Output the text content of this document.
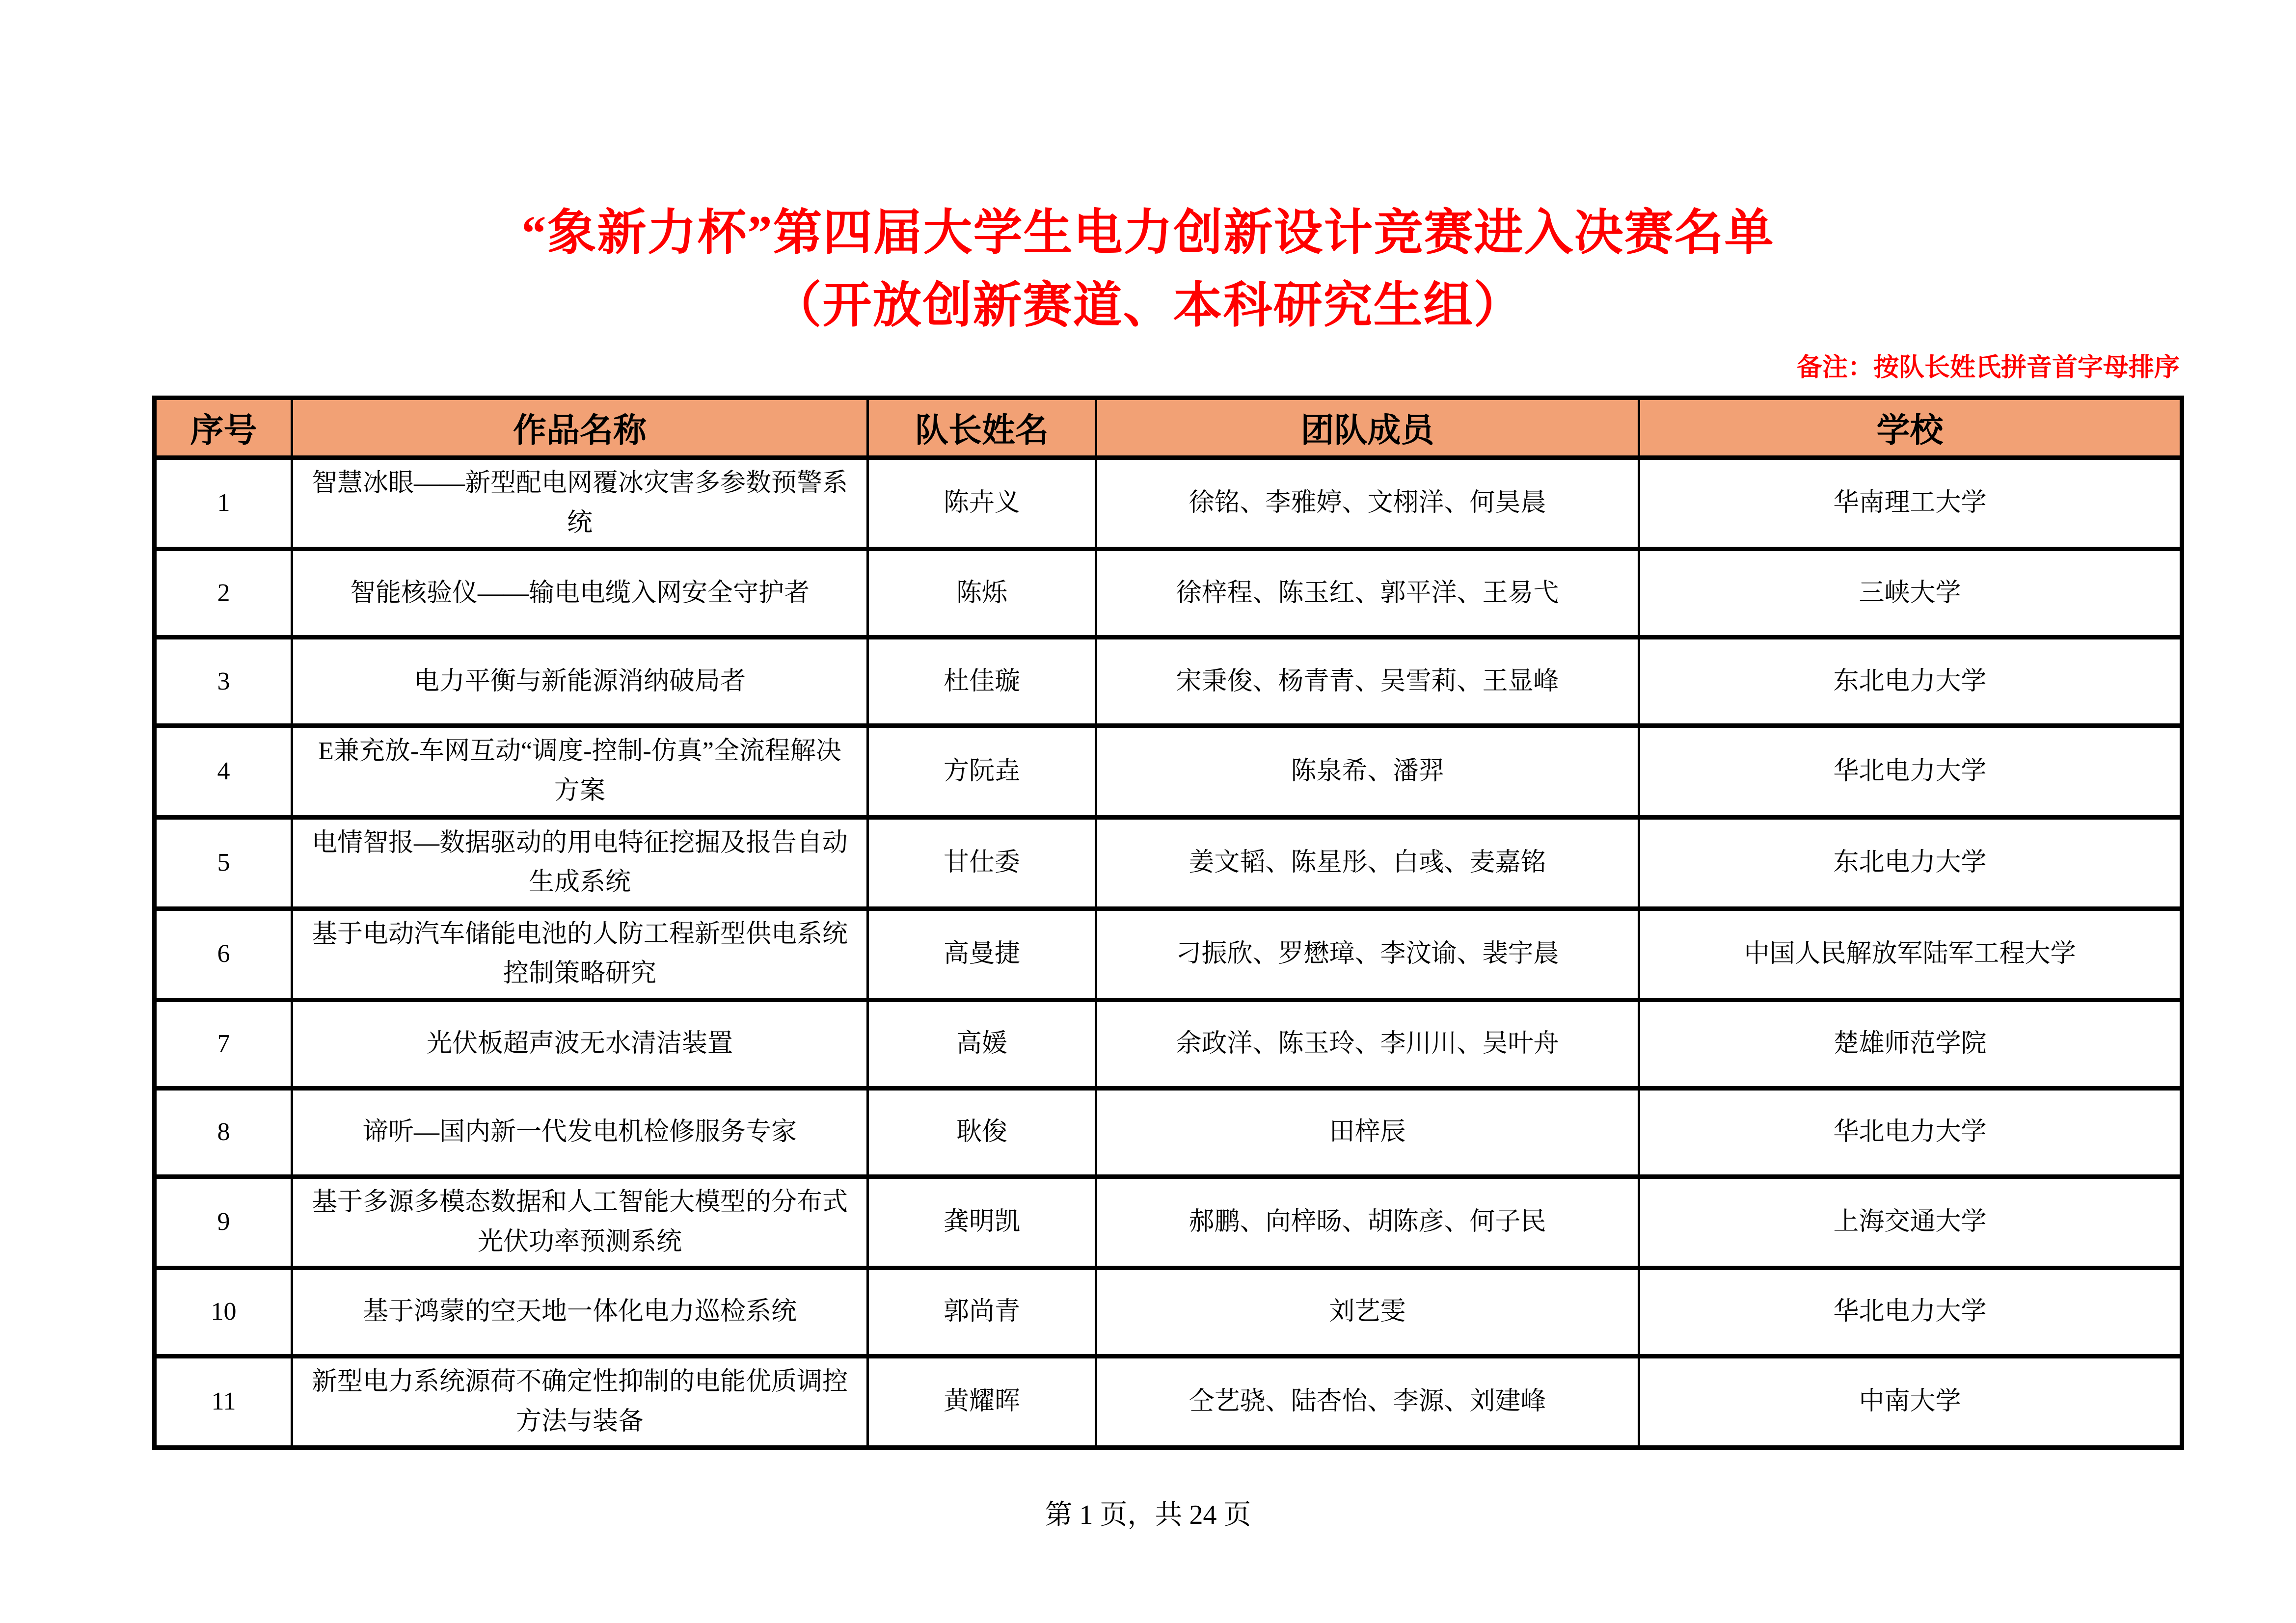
“象新力杯”第四届大学生电力创新设计竞赛进入决赛名单
（开放创新赛道、本科研究生组）
备注：按队长姓氏拼音首字母排序
序号	作品名称	队长姓名	团队成员	学校
1	智慧冰眼——新型配电网覆冰灾害多参数预警系统	陈卉义	徐铭、李雅婷、文栩洋、何昊晨	华南理工大学
2	智能核验仪——输电电缆入网安全守护者	陈烁	徐梓程、陈玉红、郭平洋、王易弋	三峡大学
3	电力平衡与新能源消纳破局者	杜佳璇	宋秉俊、杨青青、吴雪莉、王显峰	东北电力大学
4	E兼充放-车网互动“调度-控制-仿真”全流程解决方案	方阮垚	陈泉希、潘羿	华北电力大学
5	电情智报—数据驱动的用电特征挖掘及报告自动生成系统	甘仕委	姜文韬、陈星彤、白彧、麦嘉铭	东北电力大学
6	基于电动汽车储能电池的人防工程新型供电系统控制策略研究	高曼捷	刁振欣、罗懋璋、李汶谕、裴宇晨	中国人民解放军陆军工程大学
7	光伏板超声波无水清洁装置	高媛	余政洋、陈玉玲、李川川、吴叶舟	楚雄师范学院
8	谛听—国内新一代发电机检修服务专家	耿俊	田梓辰	华北电力大学
9	基于多源多模态数据和人工智能大模型的分布式光伏功率预测系统	龚明凯	郝鹏、向梓旸、胡陈彦、何子民	上海交通大学
10	基于鸿蒙的空天地一体化电力巡检系统	郭尚青	刘艺雯	华北电力大学
11	新型电力系统源荷不确定性抑制的电能优质调控方法与装备	黄耀晖	仝艺骁、陆杏怡、李源、刘建峰	中南大学
第 1 页，共 24 页
